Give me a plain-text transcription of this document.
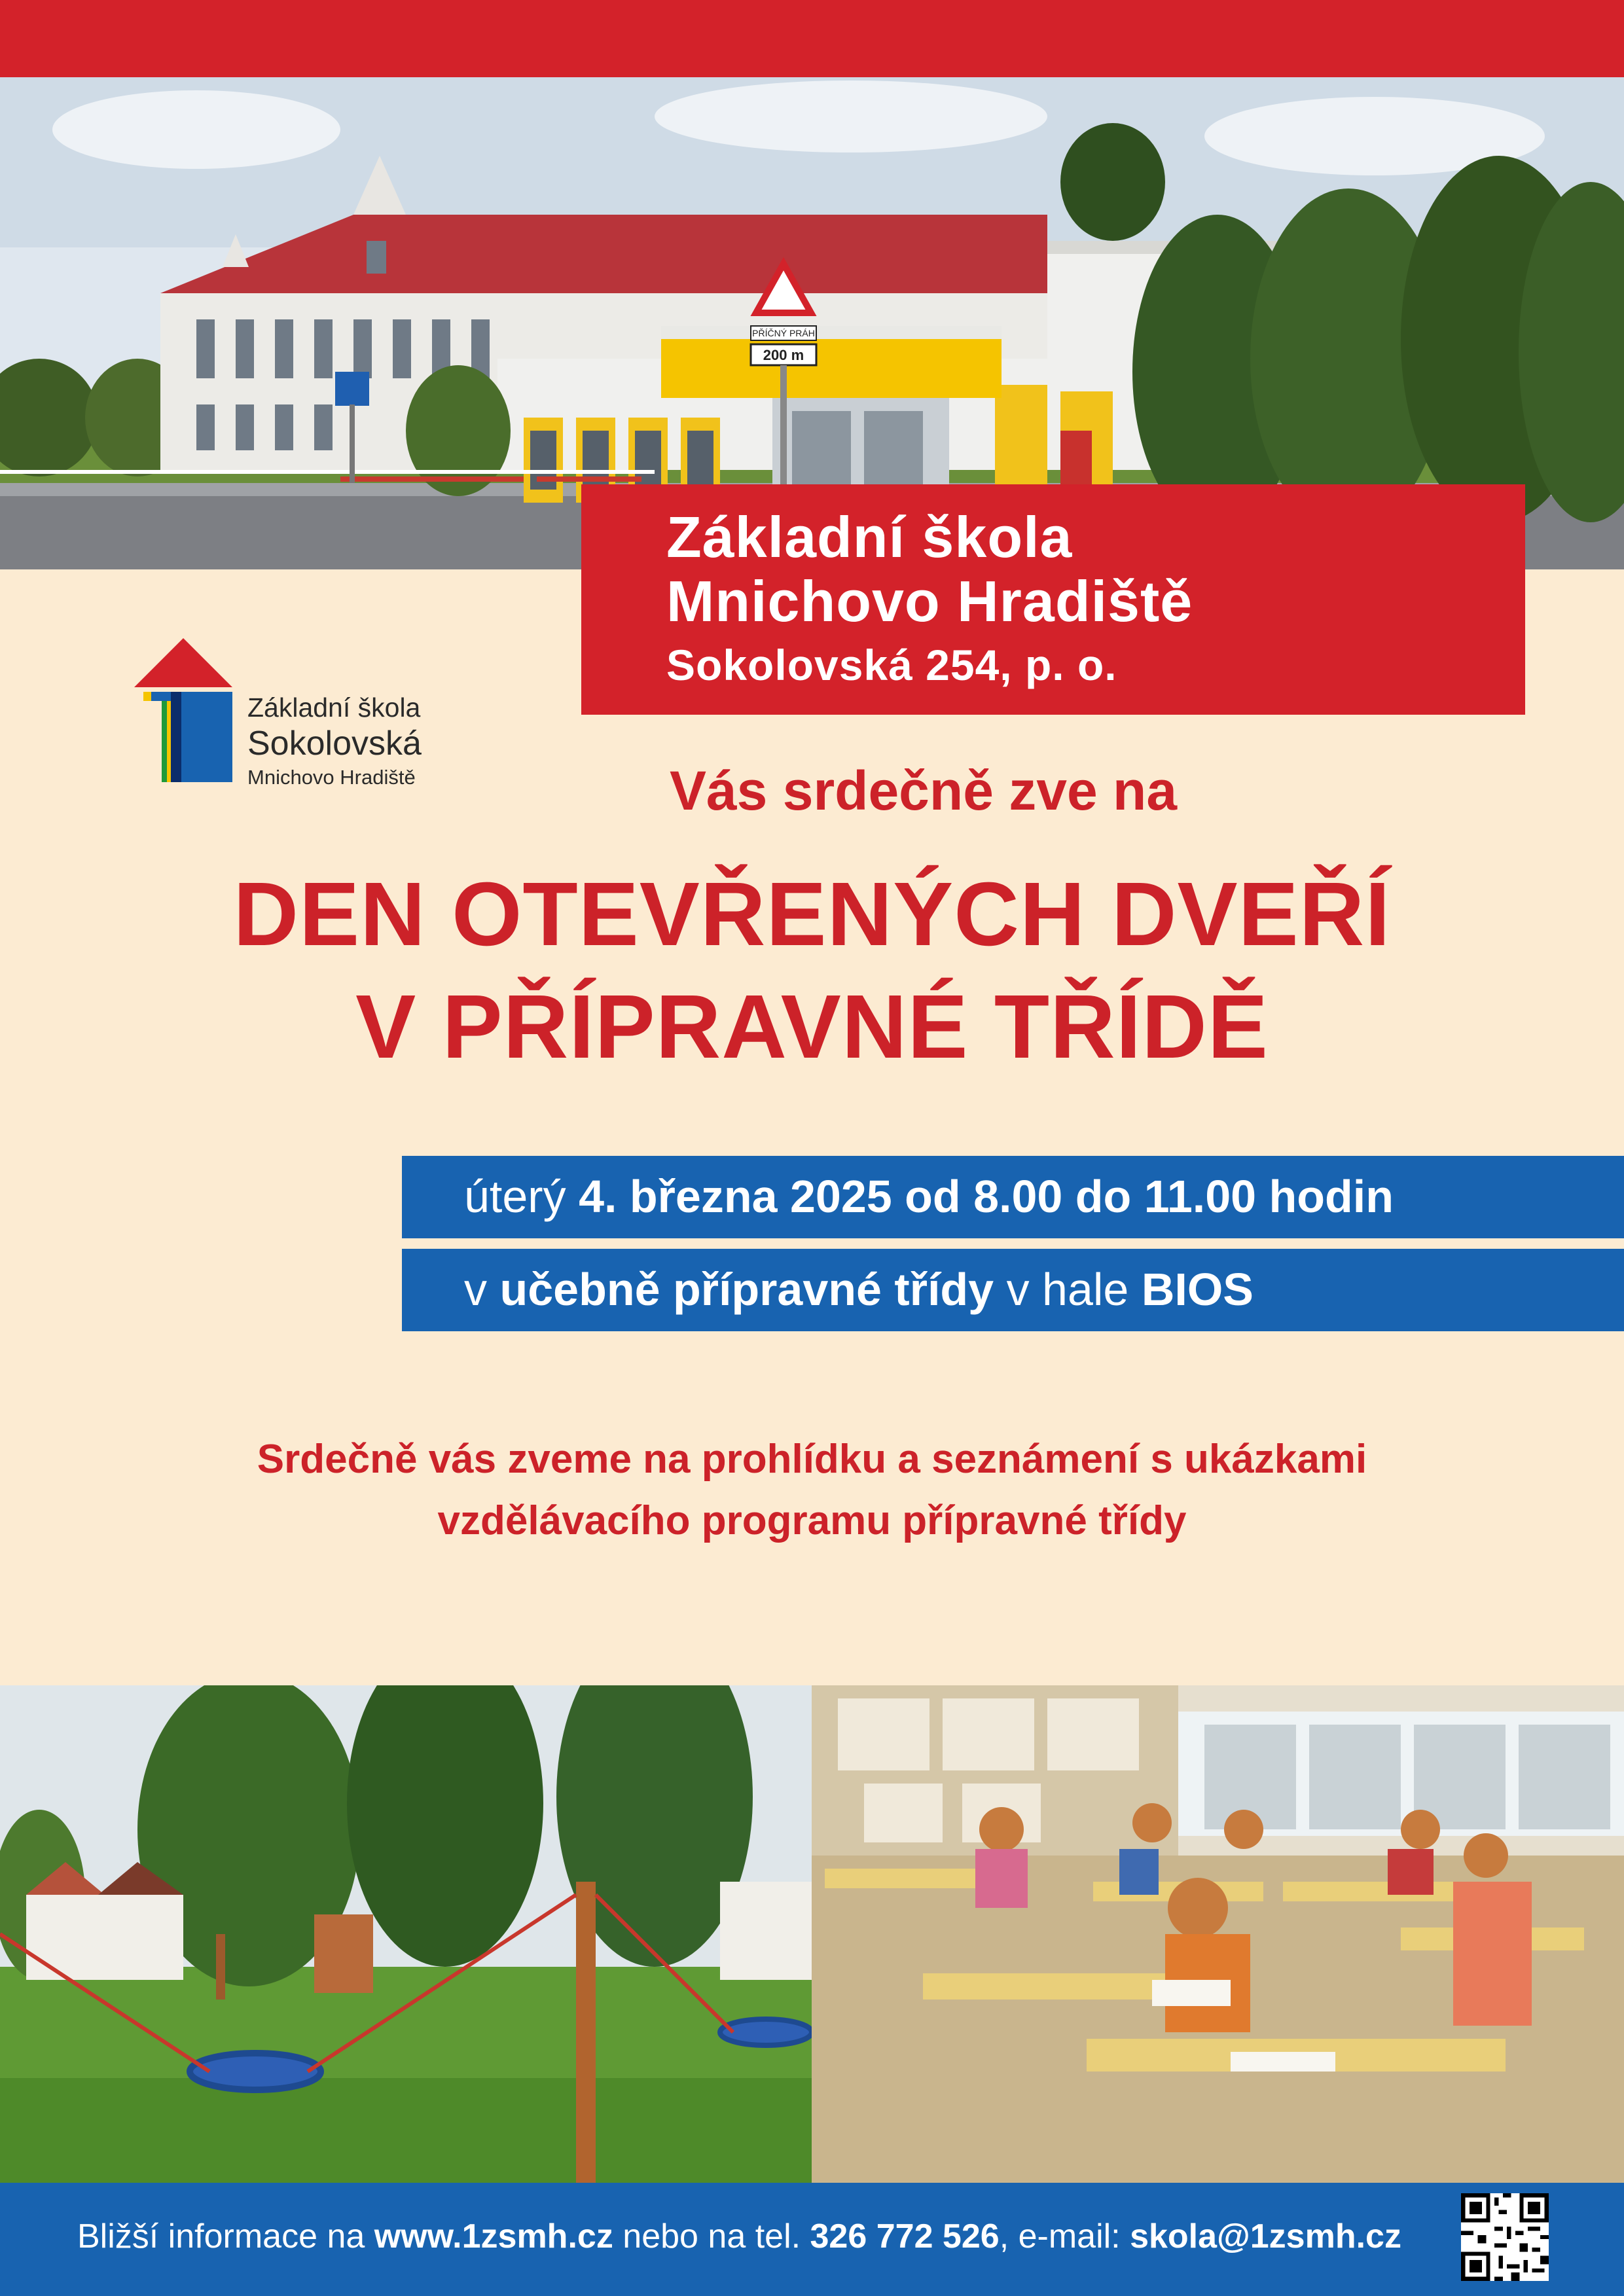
PŘÍČNÝ PRÁH
200 m
Základní škola
Mnichovo Hradiště
Sokolovská 254, p. o.
Základní škola
Sokolovská
Mnichovo Hradiště	Vás srdečně zve na
DEN OTEVŘENÝCH DVEŘÍ
V PŘÍPRAVNÉ TŘÍDĚ
úterý 4. března 2025 od 8.00 do 11.00 hodin
v učebně přípravné třídy v hale BIOS
Srdečně vás zveme na prohlídku a seznámení s ukázkami
vzdělávacího programu přípravné třídy
Bližší informace na www.1zsmh.cz nebo na tel. 326 772 526, e-mail: skola@1zsmh.cz
